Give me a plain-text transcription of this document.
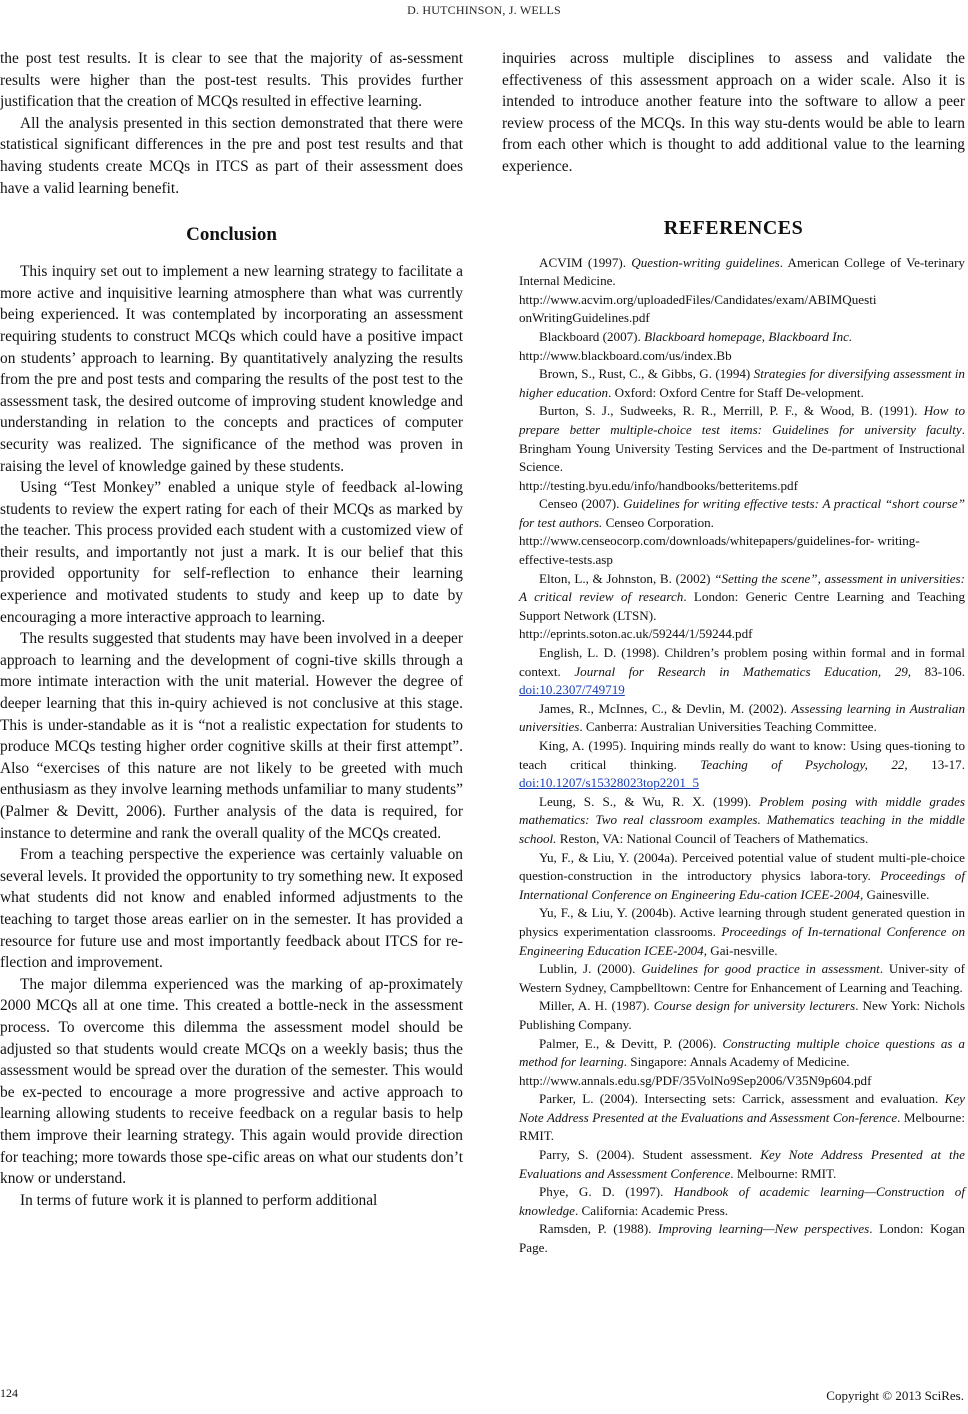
D. HUTCHINSON, J. WELLS

the post test results. It is clear to see that the majority of as-sessment results were higher than the post-test results. This provides further justification that the creation of MCQs resulted in effective learning.

All the analysis presented in this section demonstrated that there were statistical significant differences in the pre and post test results and that having students create MCQs in ITCS as part of their assessment does have a valid learning benefit.

Conclusion

This inquiry set out to implement a new learning strategy to facilitate a more active and inquisitive learning atmosphere than what was currently being experienced. It was contemplated by incorporating an assessment requiring students to construct MCQs which could have a positive impact on students’ approach to learning. By quantitatively analyzing the results from the pre and post tests and comparing the results of the post test to the assessment task, the desired outcome of improving student knowledge and understanding in relation to the concepts and practices of computer security was realized. The significance of the method was proven in raising the level of knowledge gained by these students.

Using “Test Monkey” enabled a unique style of feedback al-lowing students to review the expert rating for each of their MCQs as marked by the teacher. This process provided each student with a customized view of their results, and importantly not just a mark. It is our belief that this provided opportunity for self-reflection to enhance their learning experience and motivated students to study and keep up to date by encouraging a more interactive approach to learning.

The results suggested that students may have been involved in a deeper approach to learning and the development of cogni-tive skills through a more intimate interaction with the unit material. However the degree of deeper learning that this in-quiry achieved is not conclusive at this stage. This is under-standable as it is “not a realistic expectation for students to produce MCQs testing higher order cognitive skills at their first attempt”. Also “exercises of this nature are not likely to be greeted with much enthusiasm as they involve learning methods unfamiliar to many students” (Palmer & Devitt, 2006). Further analysis of the data is required, for instance to determine and rank the overall quality of the MCQs created.

From a teaching perspective the experience was certainly valuable on several levels. It provided the opportunity to try something new. It exposed what students did not know and enabled informed adjustments to the teaching to target those areas earlier on in the semester. It has provided a resource for future use and most importantly feedback about ITCS for re-flection and improvement.

The major dilemma experienced was the marking of ap-proximately 2000 MCQs all at one time. This created a bottle-neck in the assessment process. To overcome this dilemma the assessment model should be adjusted so that students would create MCQs on a weekly basis; thus the assessment would be spread over the duration of the semester. This would be ex-pected to encourage a more progressive and active approach to learning allowing students to receive feedback on a regular basis to help them improve their learning strategy. This again would provide direction for teaching; more towards those spe-cific areas on what our students don’t know or understand.

In terms of future work it is planned to perform additional

inquiries across multiple disciplines to assess and validate the effectiveness of this assessment approach on a wider scale. Also it is intended to introduce another feature into the software to allow a peer review process of the MCQs. In this way stu-dents would be able to learn from each other which is thought to add additional value to the learning experience.

REFERENCES

ACVIM (1997). Question-writing guidelines. American College of Ve-terinary Internal Medicine.
http://www.acvim.org/uploadedFiles/Candidates/exam/ABIMQuesti onWritingGuidelines.pdf

Blackboard (2007). Blackboard homepage, Blackboard Inc.
http://www.blackboard.com/us/index.Bb

Brown, S., Rust, C., & Gibbs, G. (1994) Strategies for diversifying assessment in higher education. Oxford: Oxford Centre for Staff De-velopment.

Burton, S. J., Sudweeks, R. R., Merrill, P. F., & Wood, B. (1991). How to prepare better multiple-choice test items: Guidelines for university faculty. Bringham Young University Testing Services and the De-partment of Instructional Science.
http://testing.byu.edu/info/handbooks/betteritems.pdf

Censeo (2007). Guidelines for writing effective tests: A practical “short course” for test authors. Censeo Corporation.
http://www.censeocorp.com/downloads/whitepapers/guidelines-for- writing-effective-tests.asp

Elton, L., & Johnston, B. (2002) “Setting the scene”, assessment in universities: A critical review of research. London: Generic Centre Learning and Teaching Support Network (LTSN).
http://eprints.soton.ac.uk/59244/1/59244.pdf

English, L. D. (1998). Children’s problem posing within formal and in formal context. Journal for Research in Mathematics Education, 29, 83-106. doi:10.2307/749719

James, R., McInnes, C., & Devlin, M. (2002). Assessing learning in Australian universities. Canberra: Australian Universities Teaching Committee.

King, A. (1995). Inquiring minds really do want to know: Using ques-tioning to teach critical thinking. Teaching of Psychology, 22, 13-17. doi:10.1207/s15328023top2201_5

Leung, S. S., & Wu, R. X. (1999). Problem posing with middle grades mathematics: Two real classroom examples. Mathematics teaching in the middle school. Reston, VA: National Council of Teachers of Mathematics.

Yu, F., & Liu, Y. (2004a). Perceived potential value of student multi-ple-choice question-construction in the introductory physics labora-tory. Proceedings of International Conference on Engineering Edu-cation ICEE-2004, Gainesville.

Yu, F., & Liu, Y. (2004b). Active learning through student generated question in physics experimentation classrooms. Proceedings of In-ternational Conference on Engineering Education ICEE-2004, Gai-nesville.

Lublin, J. (2000). Guidelines for good practice in assessment. Univer-sity of Western Sydney, Campbelltown: Centre for Enhancement of Learning and Teaching.

Miller, A. H. (1987). Course design for university lecturers. New York: Nichols Publishing Company.

Palmer, E., & Devitt, P. (2006). Constructing multiple choice questions as a method for learning. Singapore: Annals Academy of Medicine.
http://www.annals.edu.sg/PDF/35VolNo9Sep2006/V35N9p604.pdf

Parker, L. (2004). Intersecting sets: Carrick, assessment and evaluation. Key Note Address Presented at the Evaluations and Assessment Con-ference. Melbourne: RMIT.

Parry, S. (2004). Student assessment. Key Note Address Presented at the Evaluations and Assessment Conference. Melbourne: RMIT.

Phye, G. D. (1997). Handbook of academic learning—Construction of knowledge. California: Academic Press.

Ramsden, P. (1988). Improving learning—New perspectives. London: Kogan Page.

124	Copyright © 2013 SciRes.
